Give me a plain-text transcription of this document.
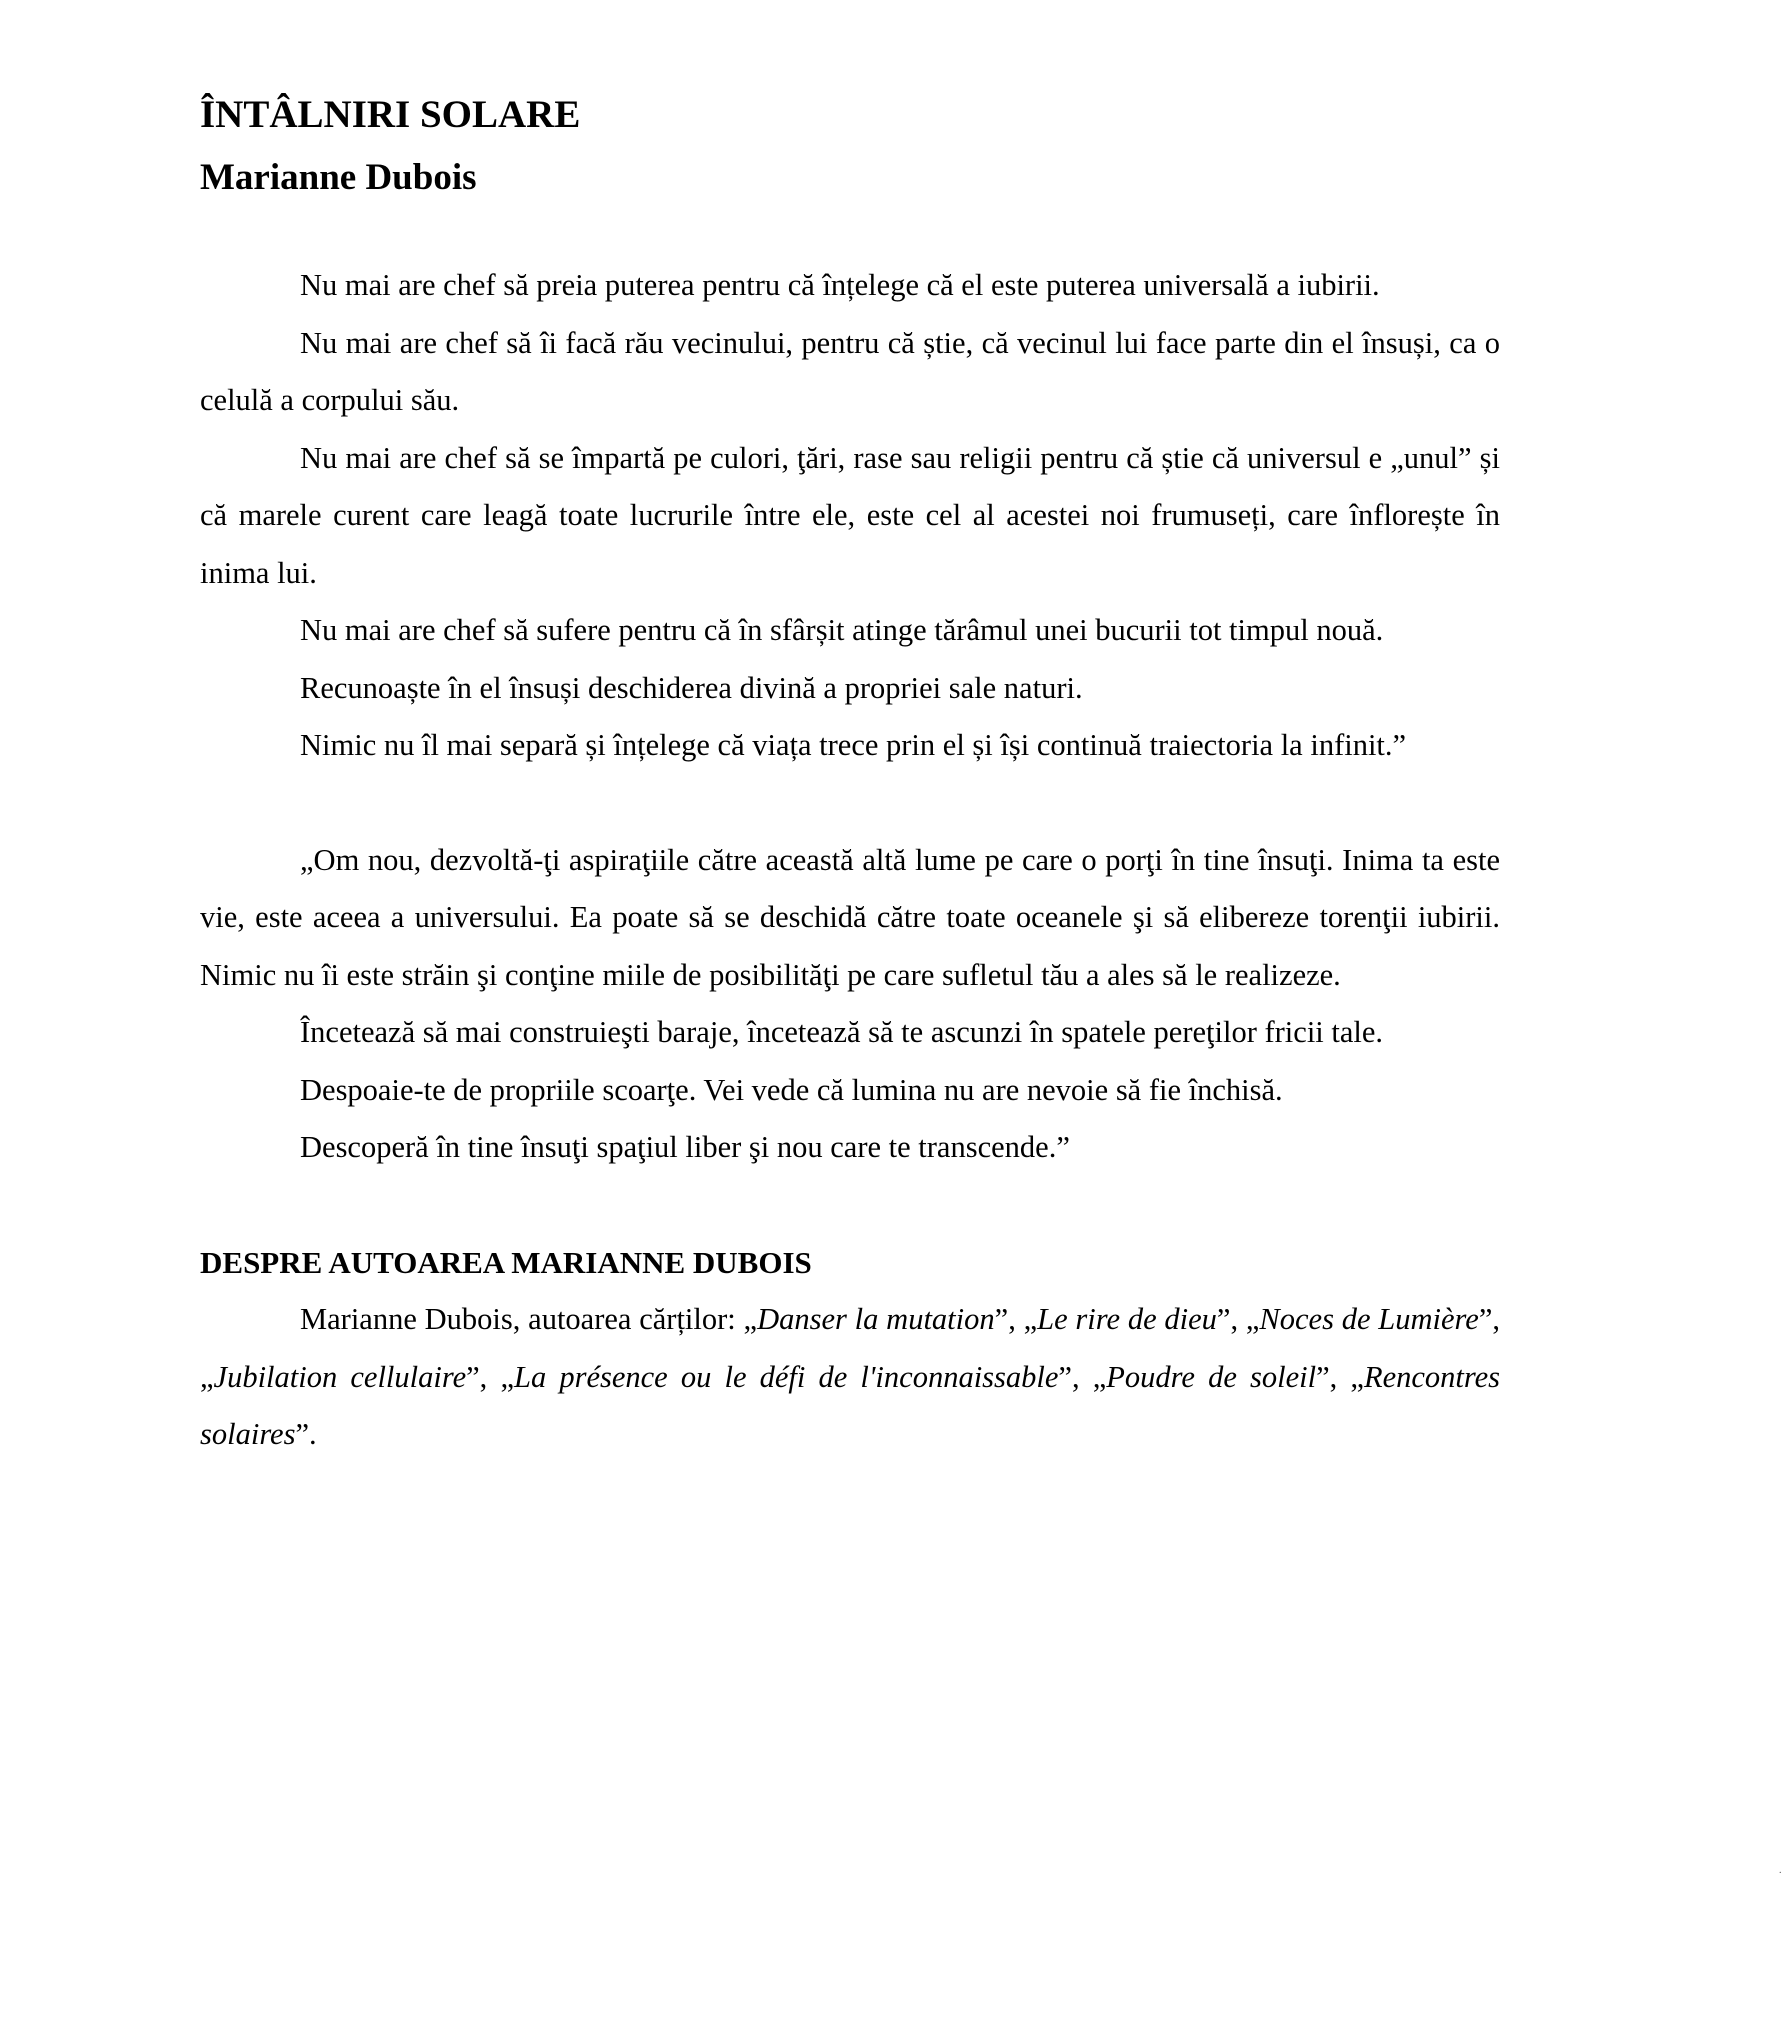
ÎNTÂLNIRI SOLARE
Marianne Dubois

Nu mai are chef să preia puterea pentru că înțelege că el este puterea universală a iubirii.

Nu mai are chef să îi facă rău vecinului, pentru că știe, că vecinul lui face parte din el însuși, ca o celulă a corpului său.

Nu mai are chef să se împartă pe culori, ţări, rase sau religii pentru că știe că universul e „unul” și că marele curent care leagă toate lucrurile între ele, este cel al acestei noi frumuseți, care înflorește în inima lui.

Nu mai are chef să sufere pentru că în sfârșit atinge tărâmul unei bucurii tot timpul nouă.

Recunoaște în el însuși deschiderea divină a propriei sale naturi.

Nimic nu îl mai separă și înțelege că viața trece prin el și își continuă traiectoria la infinit.”

„Om nou, dezvoltă-ţi aspiraţiile către această altă lume pe care o porţi în tine însuţi. Inima ta este vie, este aceea a universului. Ea poate să se deschidă către toate oceanele şi să elibereze torenţii iubirii. Nimic nu îi este străin şi conţine miile de posibilităţi pe care sufletul tău a ales să le realizeze.

Încetează să mai construieşti baraje, încetează să te ascunzi în spatele pereţilor fricii tale.

Despoaie-te de propriile scoarţe. Vei vede că lumina nu are nevoie să fie închisă.

Descoperă în tine însuţi spaţiul liber şi nou care te transcende.”

DESPRE AUTOAREA MARIANNE DUBOIS

Marianne Dubois, autoarea cărților: „Danser la mutation”, „Le rire de dieu”, „Noces de Lumière”, „Jubilation cellulaire”, „La présence ou le défi de l'inconnaissable”, „Poudre de soleil”, „Rencontres solaires”.

.
